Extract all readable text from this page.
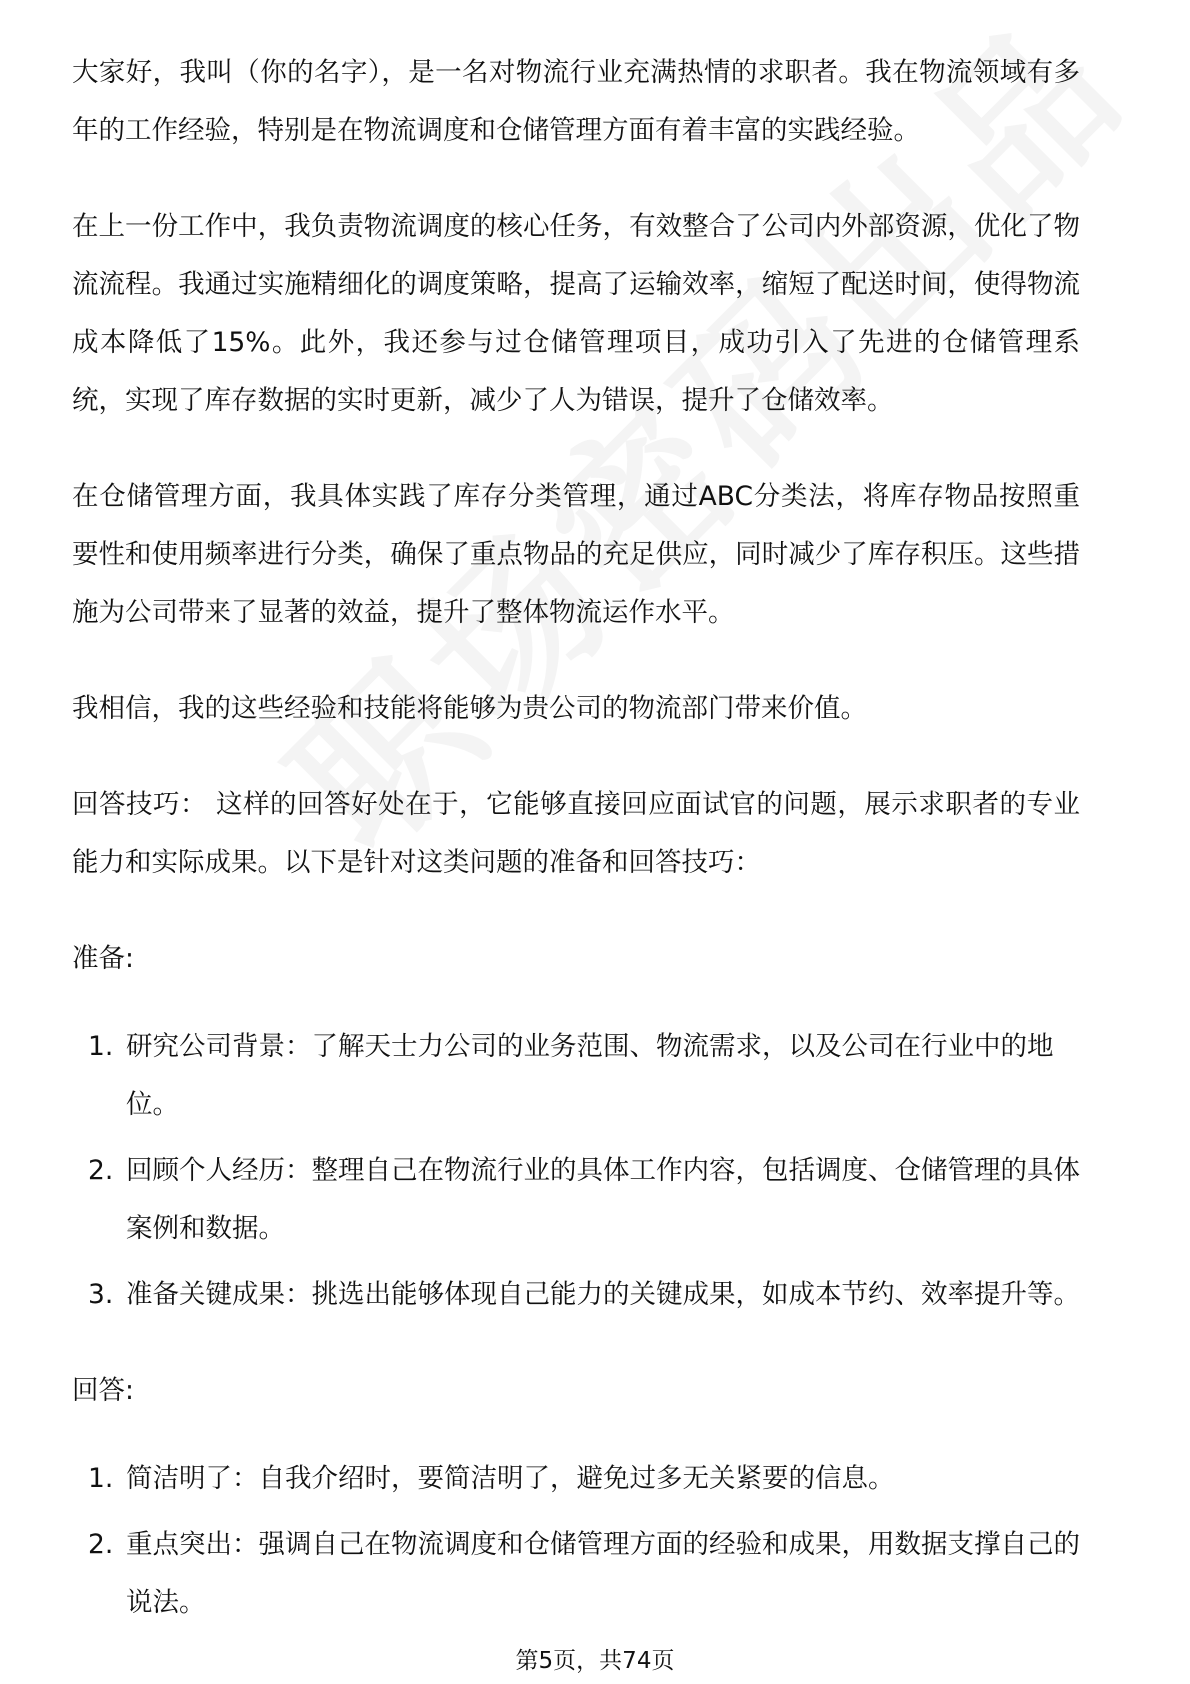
大家好，我叫（你的名字），是一名对物流行业充满热情的求职者。我在物流领域有多年的工作经验，特别是在物流调度和仓储管理方面有着丰富的实践经验。

在上一份工作中，我负责物流调度的核心任务，有效整合了公司内外部资源，优化了物流流程。我通过实施精细化的调度策略，提高了运输效率，缩短了配送时间，使得物流成本降低了15%。此外，我还参与过仓储管理项目，成功引入了先进的仓储管理系统，实现了库存数据的实时更新，减少了人为错误，提升了仓储效率。

在仓储管理方面，我具体实践了库存分类管理，通过ABC分类法，将库存物品按照重要性和使用频率进行分类，确保了重点物品的充足供应，同时减少了库存积压。这些措施为公司带来了显著的效益，提升了整体物流运作水平。

我相信，我的这些经验和技能将能够为贵公司的物流部门带来价值。

回答技巧： 这样的回答好处在于，它能够直接回应面试官的问题，展示求职者的专业能力和实际成果。以下是针对这类问题的准备和回答技巧：

准备:

1. 研究公司背景：了解天士力公司的业务范围、物流需求，以及公司在行业中的地位。
2. 回顾个人经历：整理自己在物流行业的具体工作内容，包括调度、仓储管理的具体案例和数据。
3. 准备关键成果：挑选出能够体现自己能力的关键成果，如成本节约、效率提升等。

回答:

1. 简洁明了：自我介绍时，要简洁明了，避免过多无关紧要的信息。
2. 重点突出：强调自己在物流调度和仓储管理方面的经验和成果，用数据支撑自己的说法。
第5页，共74页
